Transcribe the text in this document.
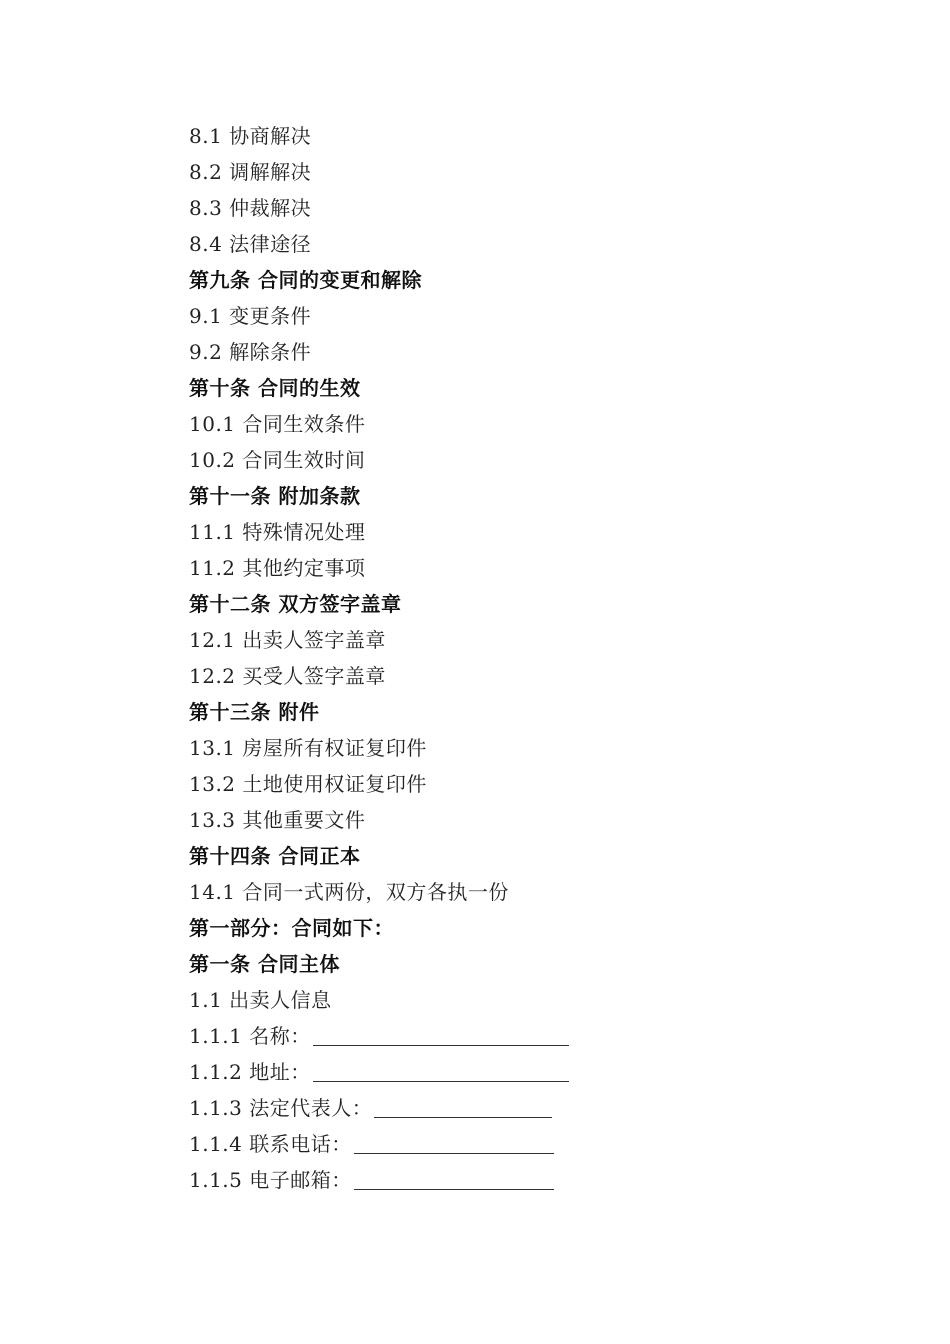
8.1 协商解决
8.2 调解解决
8.3 仲裁解决
8.4 法律途径
第九条 合同的变更和解除
9.1 变更条件
9.2 解除条件
第十条 合同的生效
10.1 合同生效条件
10.2 合同生效时间
第十一条 附加条款
11.1 特殊情况处理
11.2 其他约定事项
第十二条 双方签字盖章
12.1 出卖人签字盖章
12.2 买受人签字盖章
第十三条 附件
13.1 房屋所有权证复印件
13.2 土地使用权证复印件
13.3 其他重要文件
第十四条 合同正本
14.1 合同一式两份，双方各执一份
第一部分：合同如下：
第一条 合同主体
1.1 出卖人信息
1.1.1 名称：
1.1.2 地址：
1.1.3 法定代表人：
1.1.4 联系电话：
1.1.5 电子邮箱：
